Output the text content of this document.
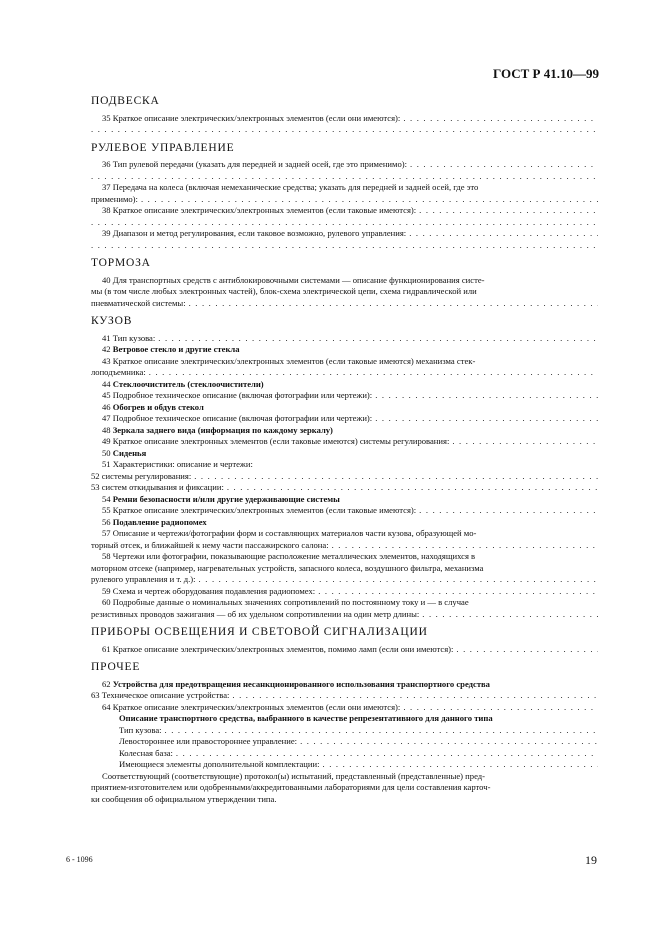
ГОСТ Р 41.10—99
ПОДВЕСКА
35 Краткое описание электрических/электронных элементов (если они имеются):
. . .
. . .
РУЛЕВОЕ УПРАВЛЕНИЕ
36 Тип рулевой передачи (указать для передней и задней осей, где это применимо):
. . .
. . .
37 Передача на колеса (включая немеханические средства; указать для передней и задней осей, где это
применимо):
. . .
38 Краткое описание электрических/электронных элементов (если таковые имеются):
. . .
. . .
39 Диапазон и метод регулирования, если таковое возможно, рулевого управления:
. . .
. . .
ТОРМОЗА
40 Для транспортных средств с антиблокировочными системами — описание функционирования систе-
мы (в том числе любых электронных частей), блок-схема электрической цепи, схема гидравлической или
пневматической системы:
. . .
КУЗОВ
41 Тип кузова:
. . .
42 Ветровое стекло и другие стекла
43 Краткое описание электрических/электронных элементов (если таковые имеются) механизма стек-
лоподъемника:
. . .
44 Стеклоочиститель (стеклоочистители)
45 Подробное техническое описание (включая фотографии или чертежи):
. . .
46 Обогрев и обдув стекол
47 Подробное техническое описание (включая фотографии или чертежи):
. . .
48 Зеркала заднего вида (информация по каждому зеркалу)
49 Краткое описание электронных элементов (если таковые имеются) системы регулирования:
. . .
50 Сиденья
51 Характеристики: описание и чертежи:
52 системы регулирования:
. . .
53 систем откидывания и фиксации:
. . .
54 Ремни безопасности и/или другие удерживающие системы
55 Краткое описание электрических/электронных элементов (если таковые имеются):
. . .
56 Подавление радиопомех
57 Описание и чертежи/фотографии форм и составляющих материалов части кузова, образующей мо-
торный отсек, и ближайшей к нему части пассажирского салона:
. . .
58 Чертежи или фотографии, показывающие расположение металлических элементов, находящихся в
моторном отсеке (например, нагревательных устройств, запасного колеса, воздушного фильтра, механизма
рулевого управления и т. д.):
. . .
59 Схема и чертеж оборудования подавления радиопомех:
. . .
60 Подробные данные о номинальных значениях сопротивлений по постоянному току и — в случае
резистивных проводов зажигания — об их удельном сопротивлении на один метр длины:
. . .
ПРИБОРЫ ОСВЕЩЕНИЯ И СВЕТОВОЙ СИГНАЛИЗАЦИИ
61 Краткое описание электрических/электронных элементов, помимо ламп (если они имеются):
. . .
ПРОЧЕЕ
62 Устройства для предотвращения несанкционированного использования транспортного средства
63 Техническое описание устройства:
. . .
64 Краткое описание электрических/электронных элементов (если они имеются):
. . .
Описание транспортного средства, выбранного в качестве репрезентативного для данного типа
Тип кузова:
. . .
Левостороннее или правостороннее управление:
. . .
Колесная база:
. . .
Имеющиеся элементы дополнительной комплектации:
. . .
Соответствующий (соответствующие) протокол(ы) испытаний, представленный (представленные) пред-
приятием-изготовителем или одобренными/аккредитованными лабораториями для цели составления карточ-
ки сообщения об официальном утверждении типа.
6 - 1096	19
